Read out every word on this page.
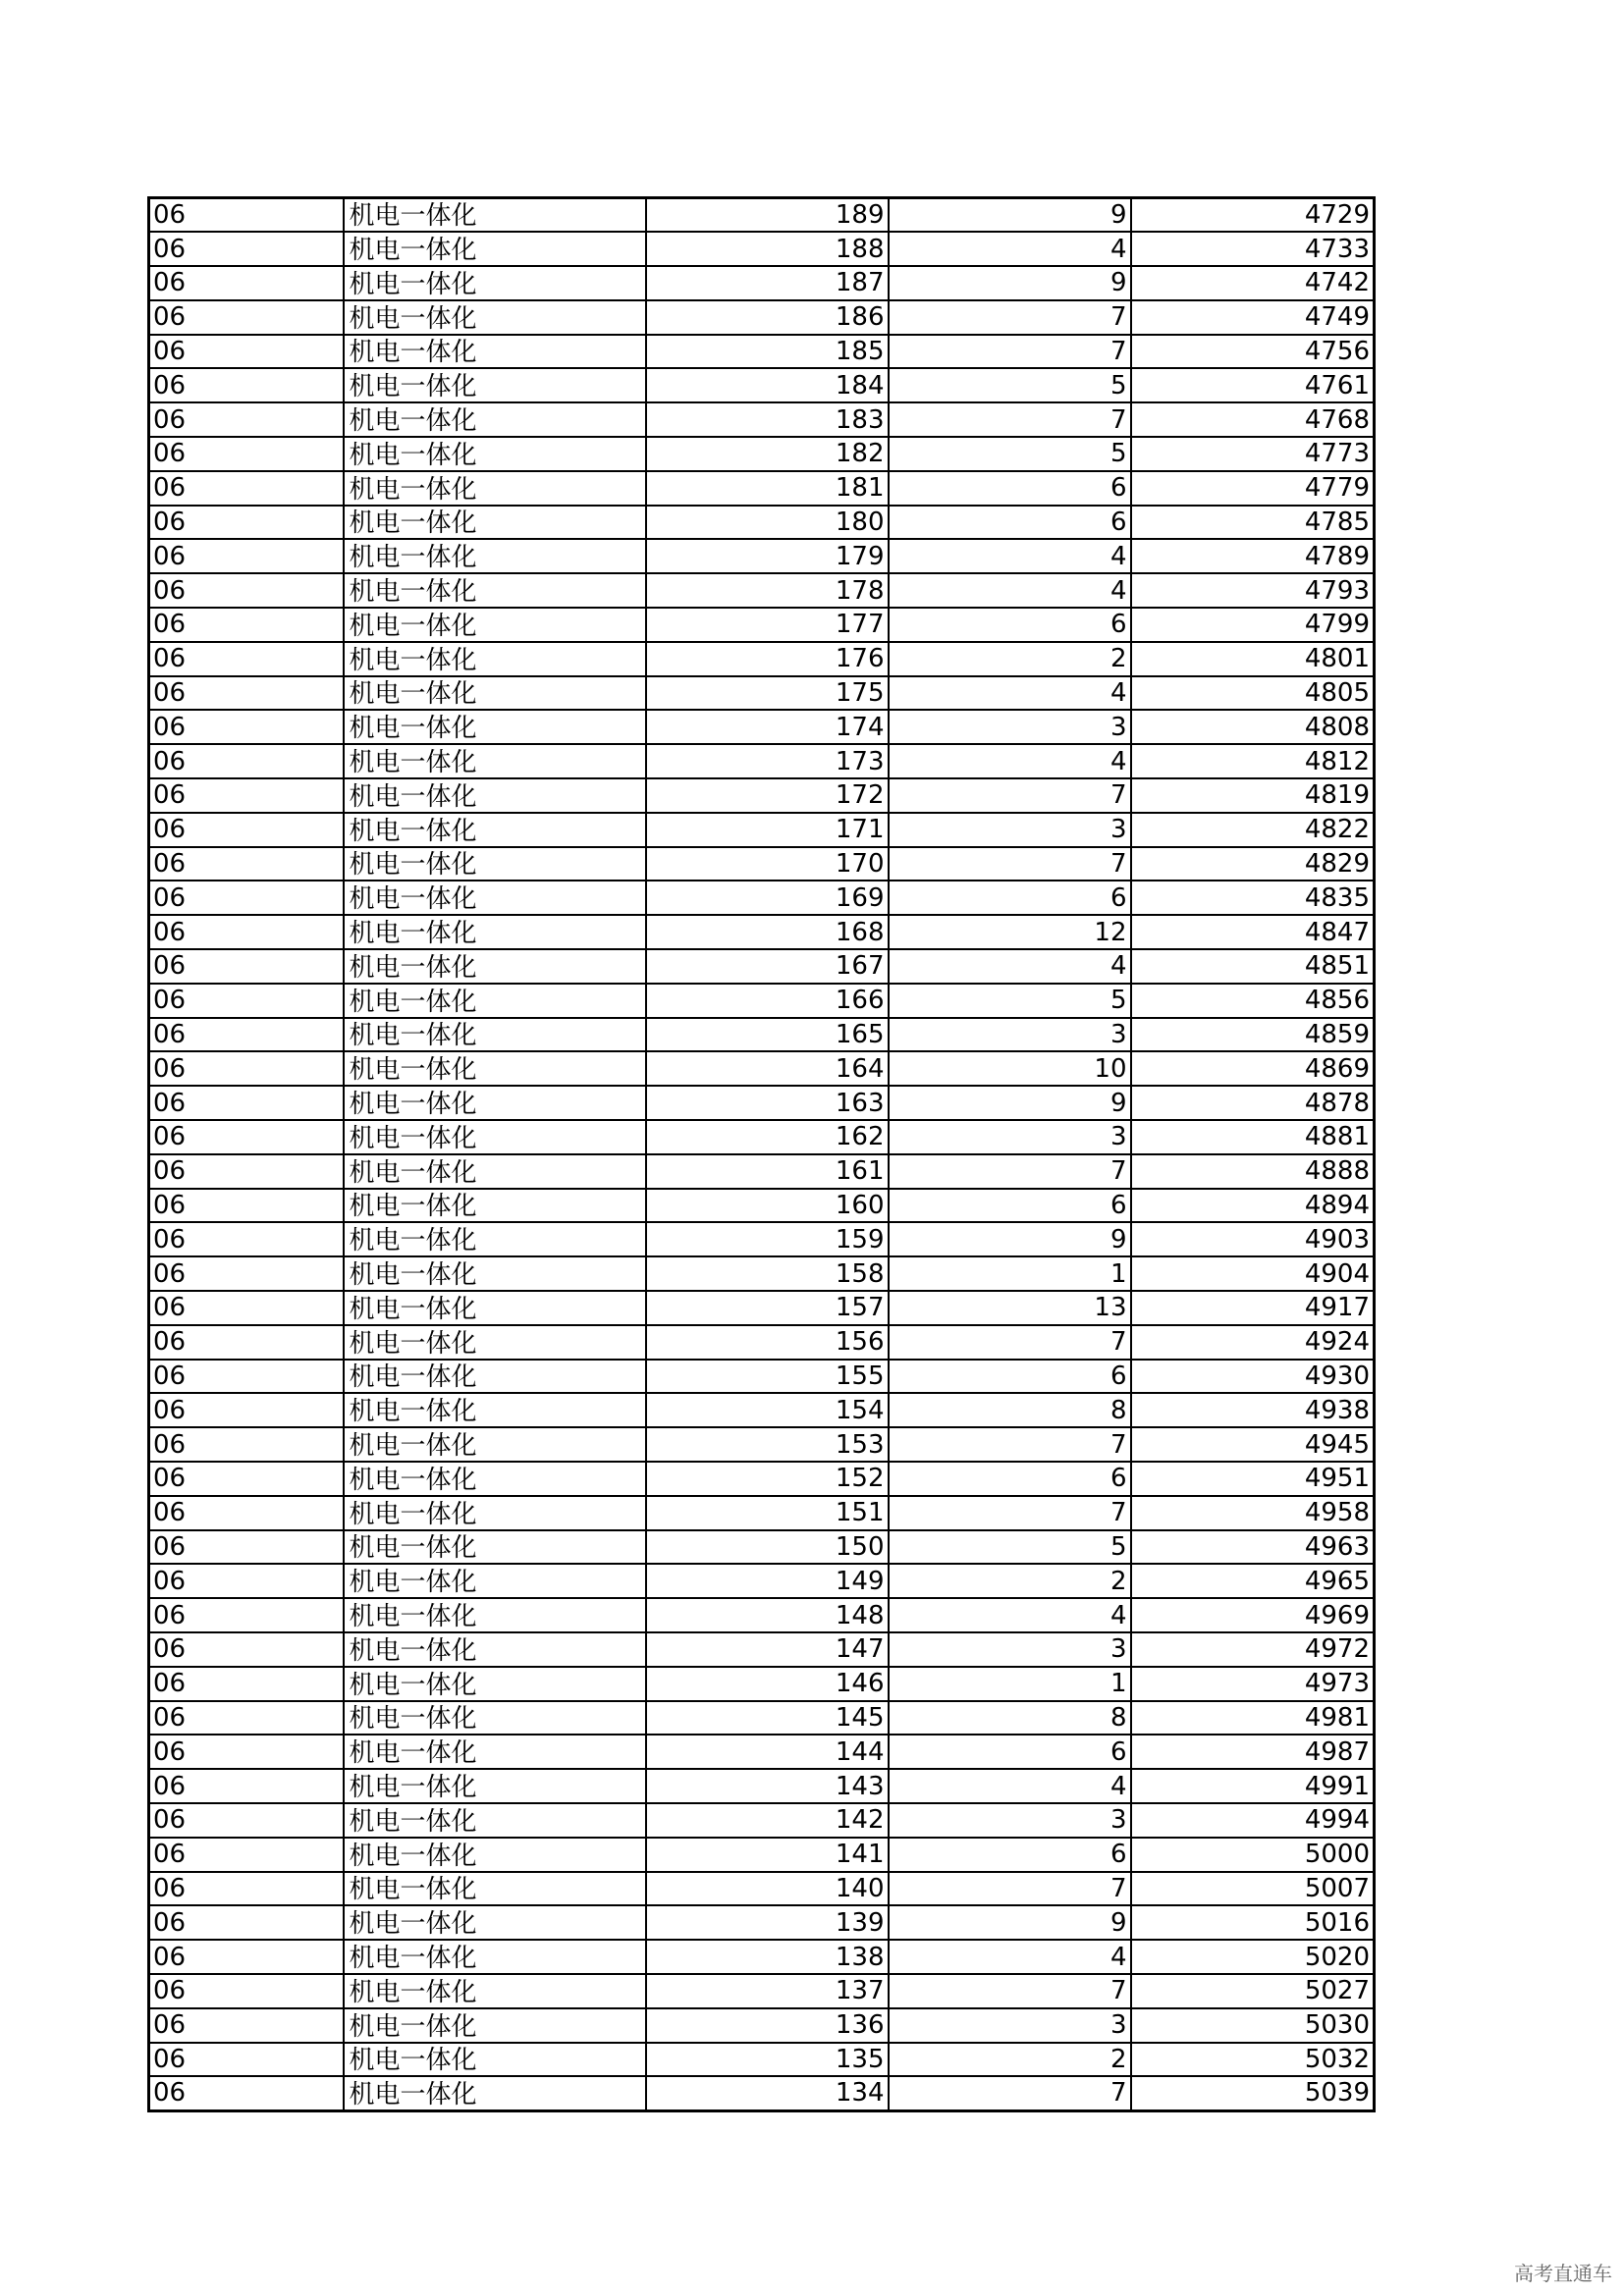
06	机电一体化	189	9	4729
06	机电一体化	188	4	4733
06	机电一体化	187	9	4742
06	机电一体化	186	7	4749
06	机电一体化	185	7	4756
06	机电一体化	184	5	4761
06	机电一体化	183	7	4768
06	机电一体化	182	5	4773
06	机电一体化	181	6	4779
06	机电一体化	180	6	4785
06	机电一体化	179	4	4789
06	机电一体化	178	4	4793
06	机电一体化	177	6	4799
06	机电一体化	176	2	4801
06	机电一体化	175	4	4805
06	机电一体化	174	3	4808
06	机电一体化	173	4	4812
06	机电一体化	172	7	4819
06	机电一体化	171	3	4822
06	机电一体化	170	7	4829
06	机电一体化	169	6	4835
06	机电一体化	168	12	4847
06	机电一体化	167	4	4851
06	机电一体化	166	5	4856
06	机电一体化	165	3	4859
06	机电一体化	164	10	4869
06	机电一体化	163	9	4878
06	机电一体化	162	3	4881
06	机电一体化	161	7	4888
06	机电一体化	160	6	4894
06	机电一体化	159	9	4903
06	机电一体化	158	1	4904
06	机电一体化	157	13	4917
06	机电一体化	156	7	4924
06	机电一体化	155	6	4930
06	机电一体化	154	8	4938
06	机电一体化	153	7	4945
06	机电一体化	152	6	4951
06	机电一体化	151	7	4958
06	机电一体化	150	5	4963
06	机电一体化	149	2	4965
06	机电一体化	148	4	4969
06	机电一体化	147	3	4972
06	机电一体化	146	1	4973
06	机电一体化	145	8	4981
06	机电一体化	144	6	4987
06	机电一体化	143	4	4991
06	机电一体化	142	3	4994
06	机电一体化	141	6	5000
06	机电一体化	140	7	5007
06	机电一体化	139	9	5016
06	机电一体化	138	4	5020
06	机电一体化	137	7	5027
06	机电一体化	136	3	5030
06	机电一体化	135	2	5032
06	机电一体化	134	7	5039
高考直通车
